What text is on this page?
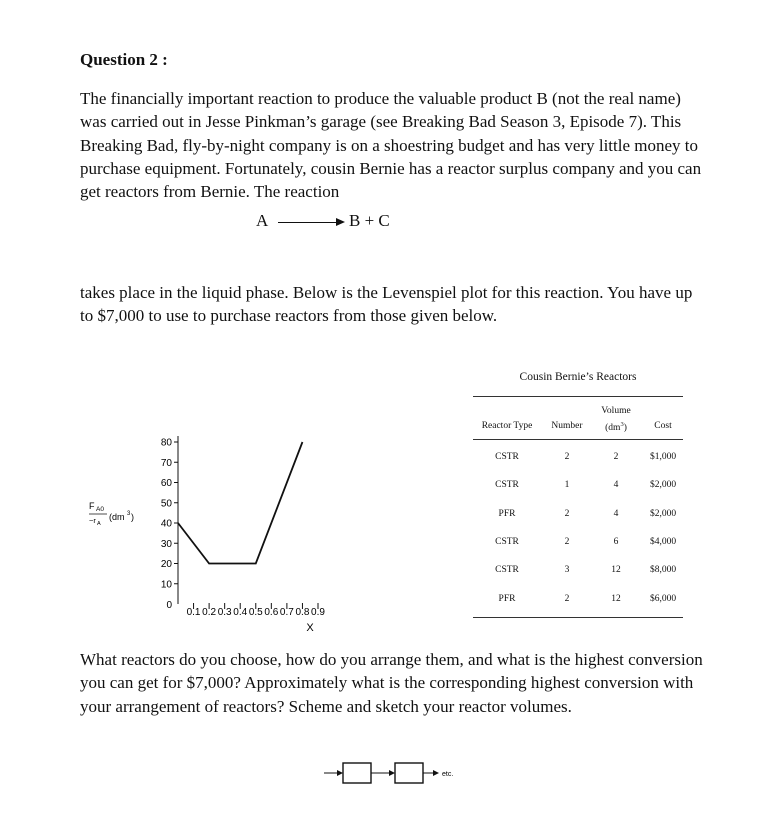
Question 2 :

The financially important reaction to produce the valuable product B (not the real name) was carried out in Jesse Pinkman’s garage (see Breaking Bad Season 3, Episode 7). This Breaking Bad, fly-by-night company is on a shoestring budget and has very little money to purchase equipment. Fortunately, cousin Bernie has a reactor surplus company and you can get reactors from Bernie. The reaction

A	B + C

takes place in the liquid phase. Below is the Levenspiel plot for this reaction. You have up to $7,000 to use to purchase reactors from those given below.

F A0
−r A
(dm 3 )
0
10
20
30
40
50
60
70
80
0.1 0.2 0.3 0.4 0.5 0.6 0.7 0.8 0.9
X
Cousin Bernie’s Reactors
Volume
Reactor Type	Number	$(dm^3)$	Cost
CSTR	2	2	$1,000
CSTR	1	4	$2,000
PFR	2	4	$2,000
CSTR	2	6	$4,000
CSTR	3	12	$8,000
PFR	2	12	$6,000

What reactors do you choose, how do you arrange them, and what is the highest conversion you can get for $7,000? Approximately what is the corresponding highest conversion with your arrangement of reactors? Scheme and sketch your reactor volumes.

etc.
